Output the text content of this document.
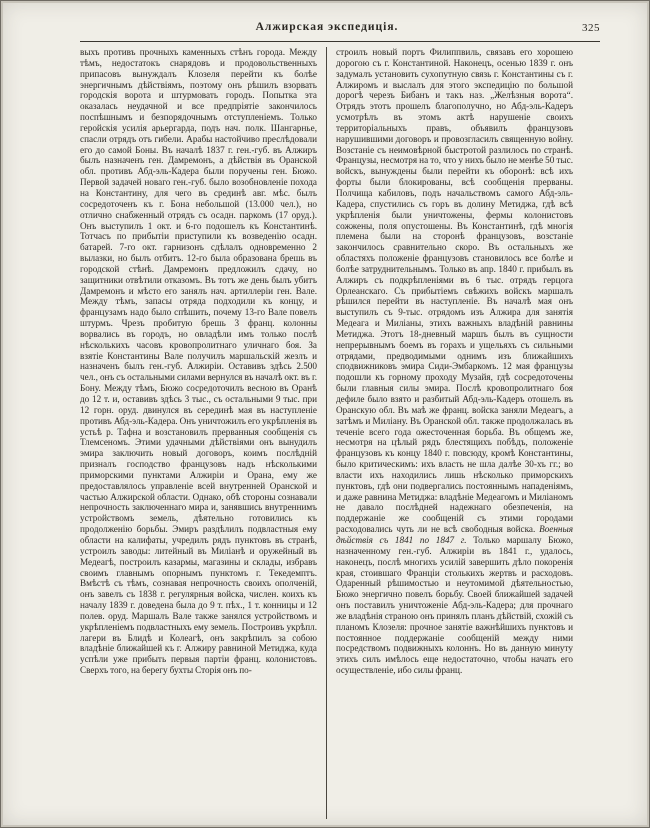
Алжирская экспедиція.	325
выхъ противъ прочныхъ каменныхъ стѣнъ города. Между тѣмъ, недостатокъ снарядовъ и продовольственныхъ припасовъ вынуждалъ Клозеля перейти къ болѣе энергичнымъ дѣйствіямъ, поэтому онъ рѣшилъ взорвать городскія ворота и штурмовать городъ. Попытка эта оказалась неудачной и все предпріятіе закончилось поспѣшнымъ и безпорядочнымъ отступленіемъ. Только геройскія усилія арьергарда, подъ нач. полк. Шангарнье, спасли отрядъ отъ гибели. Арабы настойчиво преслѣдовали его до самой Боны. Въ началѣ 1837 г. ген.-губ. въ Алжиръ былъ назначенъ ген. Дамремонъ, а дѣйствія въ Оранской обл. противъ Абд-эль-Кадера были поручены ген. Бюжо. Первой задачей новаго ген.-губ. было возобновленіе похода на Константину, для чего въ срединѣ авг. мѣс. былъ сосредоточенъ къ г. Бона небольшой (13.000 чел.), но отлично снабженный отрядъ съ осадн. паркомъ (17 оруд.). Онъ выступилъ 1 окт. и 6-го подошелъ къ Константинѣ. Тотчасъ по прибытіи приступили къ возведенію осадн. батарей. 7-го окт. гарнизонъ сдѣлалъ одновременно 2 вылазки, но былъ отбитъ. 12-го была образована брешь въ городской стѣнѣ. Дамремонъ предложилъ сдачу, но защитники отвѣтили отказомъ. Въ тотъ же день былъ убитъ Дамремонъ и мѣсто его занялъ нач. артиллеріи ген. Вале. Между тѣмъ, запасы отряда подходили къ концу, и французамъ надо было спѣшить, почему 13-го Вале повелъ штурмъ. Чрезъ пробитую брешь 3 франц. колонны ворвались въ городъ, но овладѣли имъ только послѣ нѣсколькихъ часовъ кровопролитнаго уличнаго боя. За взятіе Константины Вале получилъ маршальскій жезлъ и назначенъ былъ ген.-губ. Алжиріи. Оставивъ здѣсь 2.500 чел., онъ съ остальными силами вернулся въ началѣ окт. въ г. Бону. Между тѣмъ, Бюжо сосредоточилъ весною въ Оранѣ до 12 т. и, оставивъ здѣсь 3 тыс., съ остальными 9 тыс. при 12 горн. оруд. двинулся въ серединѣ мая въ наступленіе противъ Абд-эль-Кадера. Онъ уничтожилъ его укрѣпленія въ устьѣ р. Тафна и возстановилъ прерванныя сообщенія съ Тлемсеномъ. Этими удачными дѣйствіями онъ вынудилъ эмира заключить новый договоръ, коимъ послѣдній призналъ господство французовъ надъ нѣсколькими приморскими пунктами Алжиріи и Орана, ему же предоставлялось управленіе всей внутренней Оранской и частью Алжирской области. Однако, обѣ стороны сознавали непрочность заключеннаго мира и, занявшись внутреннимъ устройствомъ земель, дѣятельно готовились къ продолженію борьбы. Эмиръ раздѣлилъ подвластныя ему области на калифаты, учредилъ рядъ пунктовъ въ странѣ, устроилъ заводы: литейный въ Миліанѣ и оружейный въ Медеагѣ, построилъ казармы, магазины и склады, избравъ своимъ главнымъ опорнымъ пунктомъ г. Текедемптъ. Вмѣстѣ съ тѣмъ, сознавая непрочность своихъ ополченій, онъ завелъ съ 1838 г. регулярныя войска, числен. коихъ къ началу 1839 г. доведена была до 9 т. пѣх., 1 т. конницы и 12 полев. оруд. Маршалъ Вале также занялся устройствомъ и укрѣпленіемъ подвластныхъ ему земель. Построивъ укрѣпл. лагери въ Блидѣ и Колеагѣ, онъ закрѣпилъ за собою владѣніе ближайшей къ г. Алжиру равниной Метиджа, куда успѣли уже прибыть первыя партіи франц. колонистовъ. Сверхъ того, на берегу бухты Сторія онъ по-
строилъ новый портъ Филиппвиль, связавъ его хорошею дорогою съ г. Константиной. Наконецъ, осенью 1839 г. онъ задумалъ установить сухопутную связь г. Константины съ г. Алжиромъ и выслалъ для этого экспедицію по большой дорогѣ черезъ Бибанъ и такъ наз. „Желѣзныя ворота“. Отрядъ этотъ прошелъ благополучно, но Абд-эль-Кадеръ усмотрѣлъ въ этомъ актѣ нарушеніе своихъ территоріальныхъ правъ, объявилъ французовъ нарушившими договоръ и провозгласилъ священную войну. Возстаніе съ неимовѣрной быстротой разлилось по странѣ. Французы, несмотря на то, что у нихъ было не менѣе 50 тыс. войскъ, вынуждены были перейти къ оборонѣ: всѣ ихъ форты были блокированы, всѣ сообщенія прерваны. Полчища кабиловъ, подъ начальствомъ самого Абд-эль-Кадера, спустились съ горъ въ долину Метиджа, гдѣ всѣ укрѣпленія были уничтожены, фермы колонистовъ сожжены, поля опустошены. Въ Константинѣ, гдѣ многія племена были на сторонѣ французовъ, возстаніе закончилось сравнительно скоро. Въ остальныхъ же областяхъ положеніе французовъ становилось все болѣе и болѣе затруднительнымъ. Только въ апр. 1840 г. прибылъ въ Алжиръ съ подкрѣпленіями въ 6 тыс. отрядъ герцога Орлеанскаго. Съ прибытіемъ свѣжихъ войскъ маршалъ рѣшился перейти въ наступленіе. Въ началѣ мая онъ выступилъ съ 9-тыс. отрядомъ изъ Алжира для занятія Медеага и Миліаны, этихъ важныхъ владѣній равнины Метиджа. Этотъ 18-дневный маршъ былъ въ сущности непрерывнымъ боемъ въ горахъ и ущельяхъ съ сильными отрядами, предводимыми однимъ изъ ближайшихъ сподвижниковъ эмира Сиди-Эмбаркомъ. 12 мая французы подошли къ горному проходу Музайя, гдѣ сосредоточены были главныя силы эмира. Послѣ кровопролитнаго боя дефиле было взято и разбитый Абд-эль-Кадеръ отошелъ въ Оранскую обл. Въ маѣ же франц. войска заняли Медеагъ, а затѣмъ и Миліану. Въ Оранской обл. также продолжалась въ теченіе всего года ожесточенная борьба. Въ общемъ же, несмотря на цѣлый рядъ блестящихъ побѣдъ, положеніе французовъ къ концу 1840 г. повсюду, кромѣ Константины, было критическимъ: ихъ власть не шла далѣе 30-хъ гг.; во власти ихъ находились лишь нѣсколько приморскихъ пунктовъ, гдѣ они подвергались постояннымъ нападеніямъ, и даже равнина Метиджа: владѣніе Медеагомъ и Миліаномъ не давало послѣдней надежнаго обезпеченія, на поддержаніе же сообщеній съ этими городами расходовались чуть ли не всѣ свободныя войска. Военныя дѣйствія съ 1841 по 1847 г. Только маршалу Бюжо, назначенному ген.-губ. Алжиріи въ 1841 г., удалось, наконецъ, послѣ многихъ усилій завершить дѣло покоренія края, стоившаго Франціи столькихъ жертвъ и расходовъ. Одаренный рѣшимостью и неутомимой дѣятельностью, Бюжо энергично повелъ борьбу. Своей ближайшей задачей онъ поставилъ уничтоженіе Абд-эль-Кадера; для прочнаго же владѣнія страною онъ принялъ планъ дѣйствій, схожій съ планомъ Клозеля: прочное занятіе важнѣйшихъ пунктовъ и постоянное поддержаніе сообщеній между ними посредствомъ подвижныхъ колоннъ. Но въ данную минуту этихъ силъ имѣлось еще недостаточно, чтобы начать его осуществленіе, ибо силы франц.
